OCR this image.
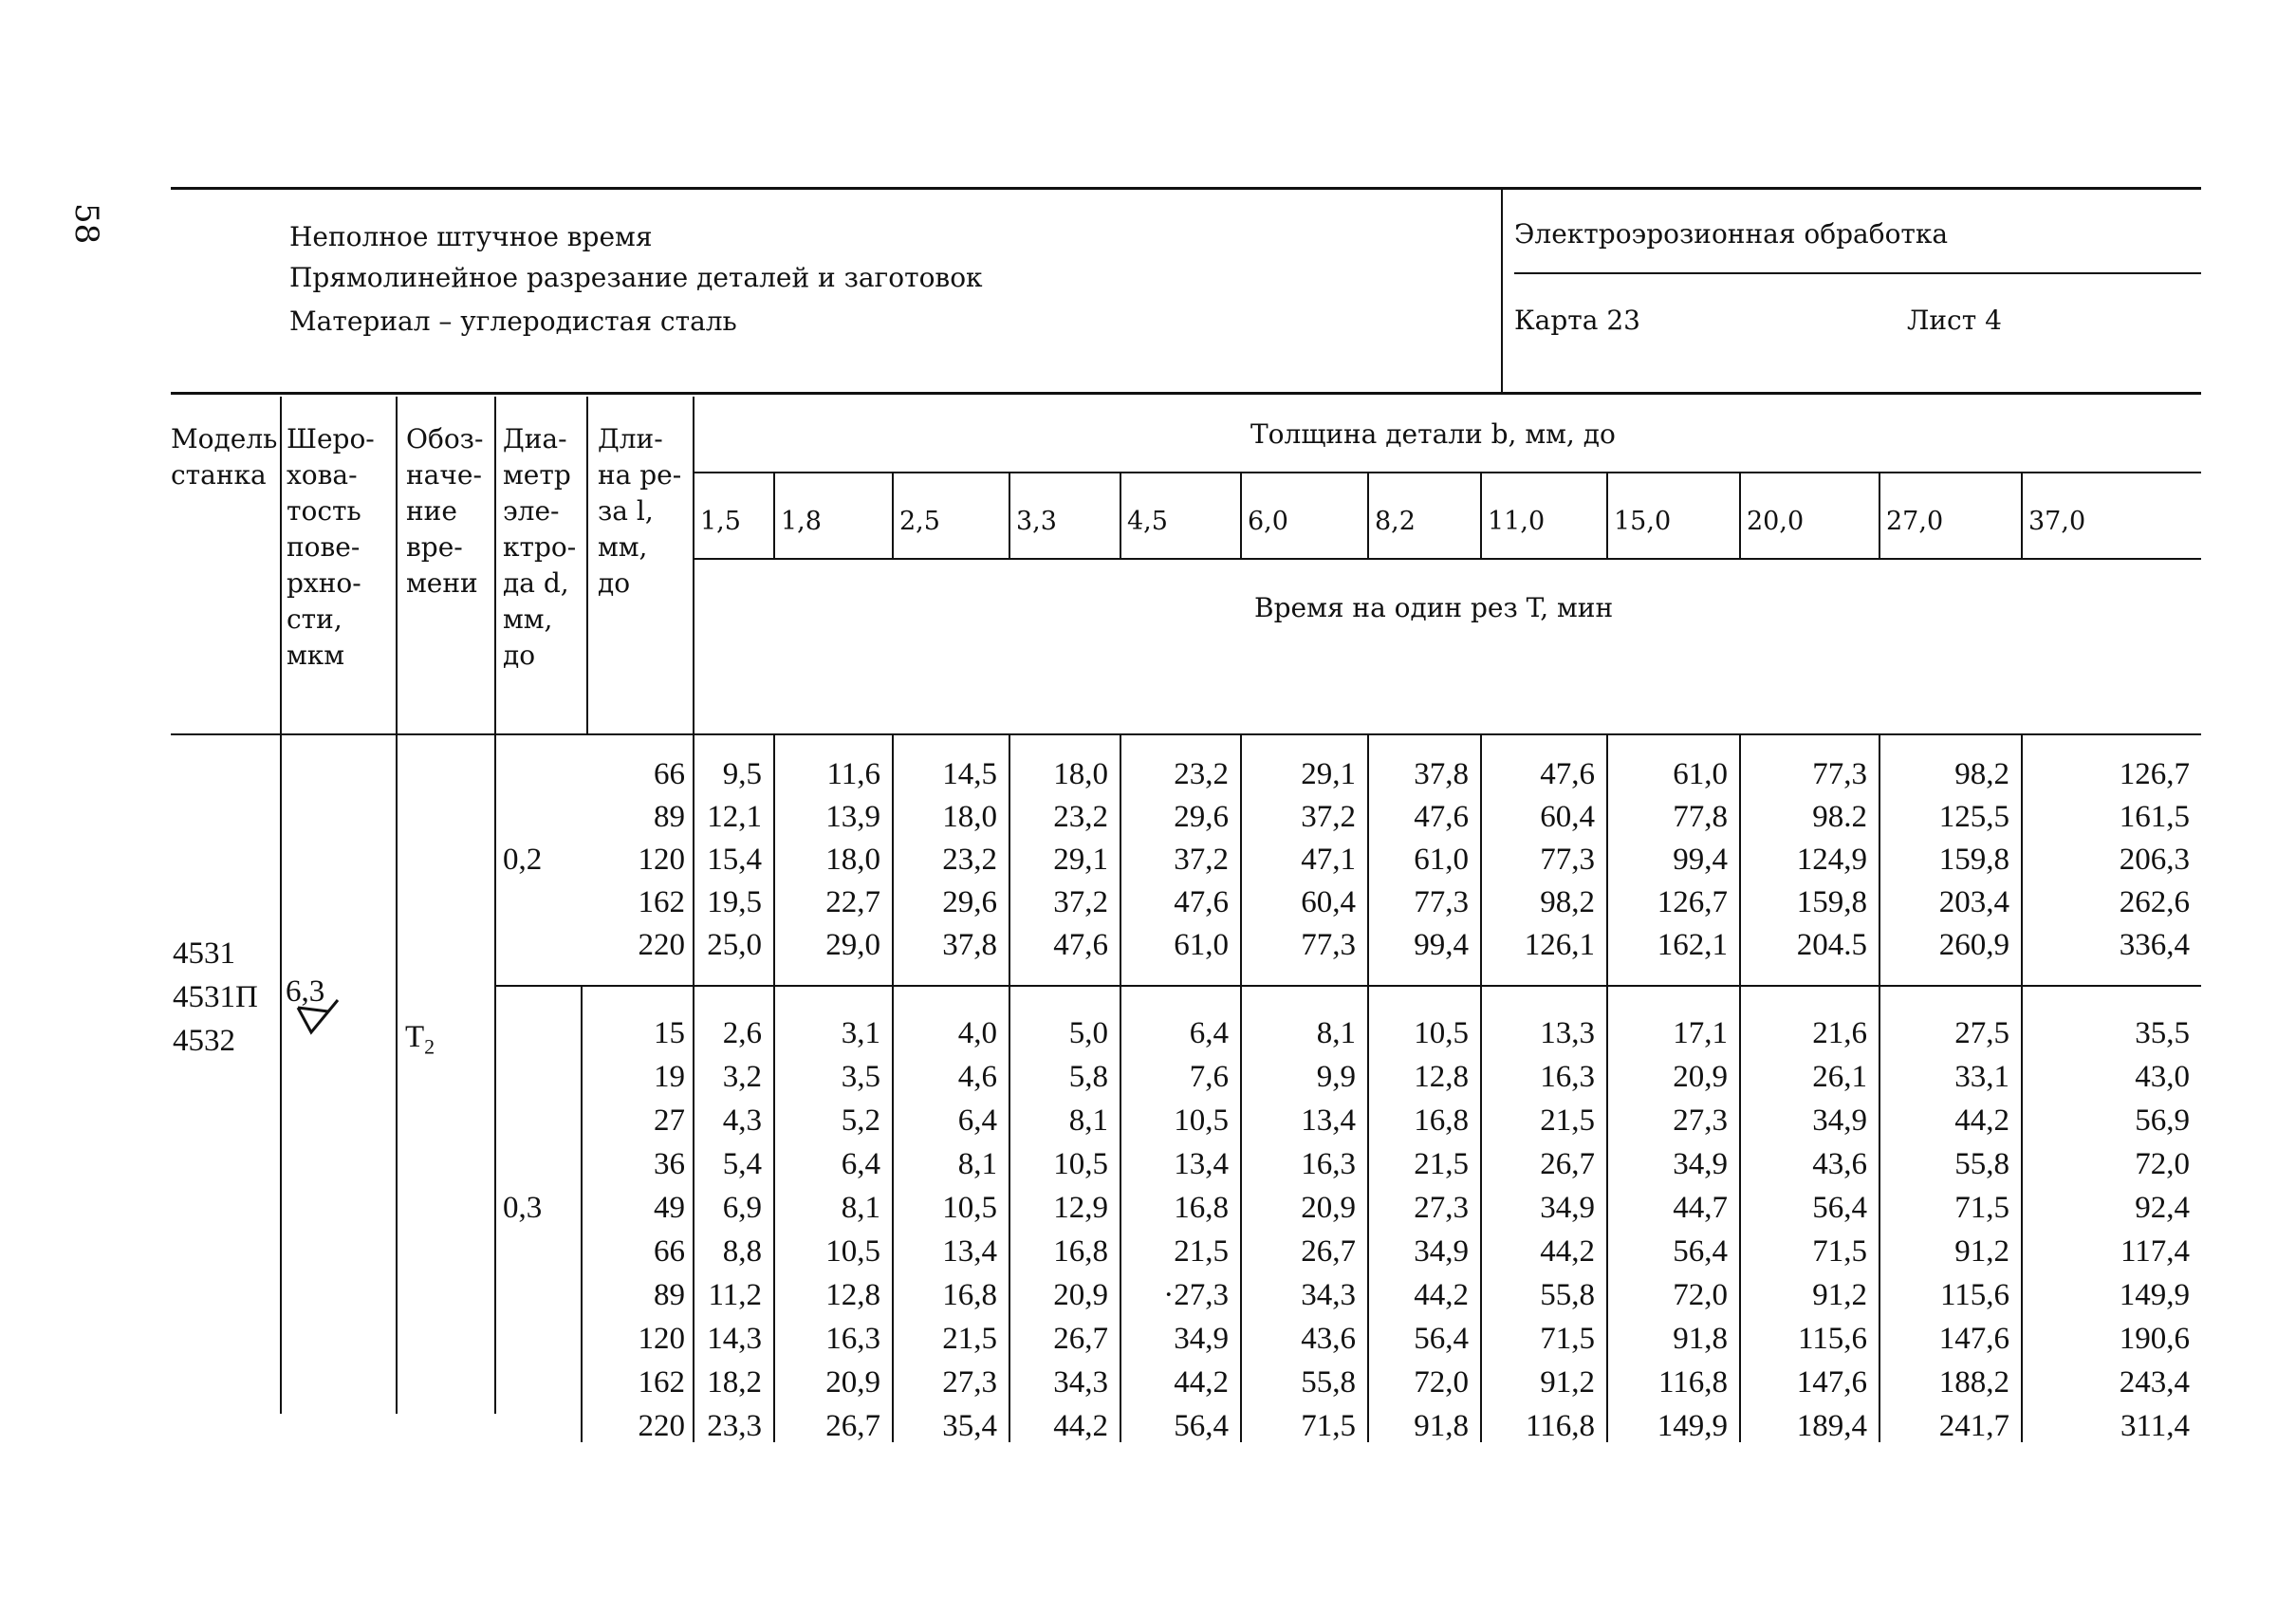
58	Неполное штучное время
Прямолинейное разрезание деталей и заготовок
Материал – углеродистая сталь
Электроэрозионная обработка
Карта 23	Лист 4
Модель
станка
Шеро-
хова-
тость
пове-
рхно-
сти,
мкм
Обоз-
наче-
ние
вре-
мени
Диа-
метр
эле-
ктро-
да d,
мм,
до
Дли-
на ре-
за l,
мм,
до
Толщина детали b, мм, до
Время на один рез T, мин
1,5 1,8	2,5	3,3	4,5	6,0	8,2	11,0	15,0	20,0	27,0	37,0
0,2
66	9,5	11,6	14,5	18,0	23,2	29,1	37,8	47,6	61,0	77,3	98,2	126,7
89 12,1	13,9	18,0	23,2	29,6	37,2	47,6	60,4	77,8	98.2	125,5	161,5
120 15,4	18,0	23,2	29,1	37,2	47,1	61,0	77,3	99,4	124,9	159,8	206,3
162 19,5	22,7	29,6	37,2	47,6	60,4	77,3	98,2	126,7	159,8	203,4	262,6
220 25,0	29,0	37,8	47,6	61,0	77,3	99,4	126,1	162,1	204.5	260,9	336,4
0,3
15	2,6	3,1	4,0	5,0	6,4	8,1	10,5	13,3	17,1	21,6	27,5	35,5
19	3,2	3,5	4,6	5,8	7,6	9,9	12,8	16,3	20,9	26,1	33,1	43,0
27	4,3	5,2	6,4	8,1	10,5	13,4	16,8	21,5	27,3	34,9	44,2	56,9
36	5,4	6,4	8,1	10,5	13,4	16,3	21,5	26,7	34,9	43,6	55,8	72,0
49	6,9	8,1	10,5	12,9	16,8	20,9	27,3	34,9	44,7	56,4	71,5	92,4
66	8,8	10,5	13,4	16,8	21,5	26,7	34,9	44,2	56,4	71,5	91,2	117,4
89 11,2	12,8	16,8	20,9	·27,3	34,3	44,2	55,8	72,0	91,2	115,6	149,9
120 14,3	16,3	21,5	26,7	34,9	43,6	56,4	71,5	91,8	115,6	147,6	190,6
162 18,2	20,9	27,3	34,3	44,2	55,8	72,0	91,2	116,8	147,6	188,2	243,4
220 23,3	26,7	35,4	44,2	56,4	71,5	91,8	116,8	149,9	189,4	241,7	311,4
4531
4531П
4532
6,3
$T_2$
